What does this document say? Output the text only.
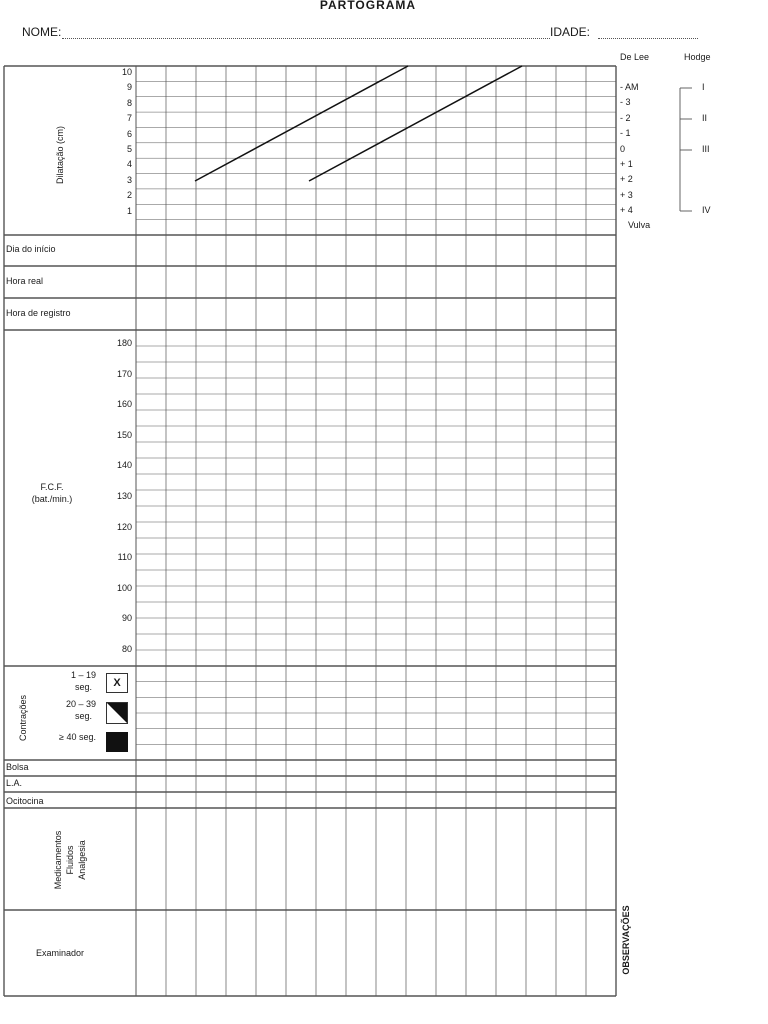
PARTOGRAMA
NOME:	IDADE:
De Lee	Hodge
Dilatação (cm)
10
9
8
7
6
5
4
3
2
1
- AM
- 3
- 2
- 1
0
+ 1
+ 2
+ 3
+ 4
Vulva
I
II
III
IV
Dia do início
Hora real
Hora de registro
F.C.F.
(bat./min.)
180
170
160
150
140
130
120
110
100
90
80
Contrações
1 – 19
seg.	X
20 – 39
seg.
≥ 40 seg.
Bolsa
L.A.
Ocitocina
Medicamentos Fluidos Analgesia
Examinador	OBSERVAÇÕES
